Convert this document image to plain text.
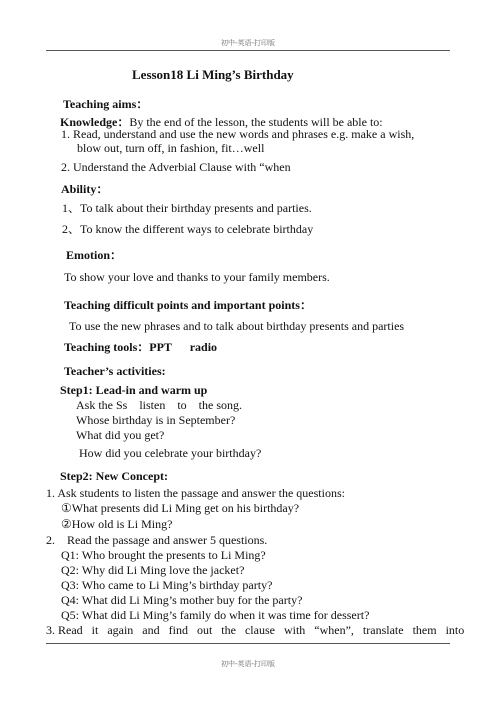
初中-英语-打印版
Lesson18 Li Ming’s Birthday
Teaching aims：
Knowledge：By the end of the lesson, the students will be able to:
1. Read, understand and use the new words and phrases e.g. make a wish,
blow out, turn off, in fashion, fit…well
2. Understand the Adverbial Clause with “when
Ability：
1、To talk about their birthday presents and parties.
2、To know the different ways to celebrate birthday
Emotion：
To show your love and thanks to your family members.
Teaching difficult points and important points：
To use the new phrases and to talk about birthday presents and parties
Teaching tools：PPT      radio
Teacher’s activities:
Step1: Lead-in and warm up
Ask the Ss    listen    to    the song.
Whose birthday is in September?
What did you get?
How did you celebrate your birthday?
Step2: New Concept:
1. Ask students to listen the passage and answer the questions:
①What presents did Li Ming get on his birthday?
②How old is Li Ming?
2.    Read the passage and answer 5 questions.
Q1: Who brought the presents to Li Ming?
Q2: Why did Li Ming love the jacket?
Q3: Who came to Li Ming’s birthday party?
Q4: What did Li Ming’s mother buy for the party?
Q5: What did Li Ming’s family do when it was time for dessert?
3. Read   it   again   and   find   out   the   clause   with   “when”,   translate   them   into
初中-英语-打印版
